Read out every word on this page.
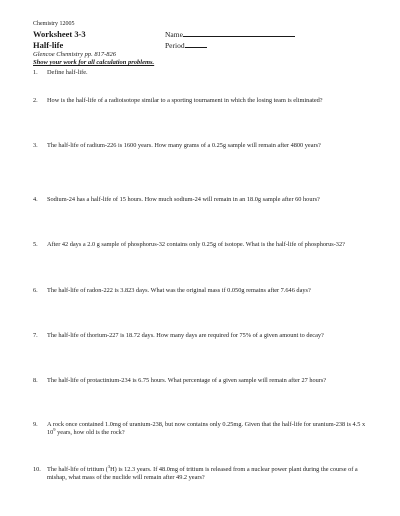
Chemistry 12005
Worksheet 3-3
Half-life
Name
Period
Glencoe Chemistry pp. 817-826
Show your work for all calculation problems.
1.	Define half-life.
2.	How is the half-life of a radioisotope similar to a sporting tournament in which the losing team is eliminated?
3.	The half-life of radium-226 is 1600 years. How many grams of a 0.25g sample will remain after 4800 years?
4.	Sodium-24 has a half-life of 15 hours. How much sodium-24 will remain in an 18.0g sample after 60 hours?
5.	After 42 days a 2.0 g sample of phosphorus-32 contains only 0.25g of isotope. What is the half-life of phosphorus-32?
6.	The half-life of radon-222 is 3.823 days. What was the original mass if 0.050g remains after 7.646 days?
7.	The half-life of thorium-227 is 18.72 days. How many days are required for 75% of a given amount to decay?
8.	The half-life of protactinium-234 is 6.75 hours. What percentage of a given sample will remain after 27 hours?
9.	A rock once contained 1.0mg of uranium-238, but now contains only 0.25mg. Given that the half-life for uranium-238 is 4.5 x $10^9$ years, how old is the rock?
10. The half-life of tritium ($^3$H) is 12.3 years. If 48.0mg of tritium is released from a nuclear power plant during the course of a mishap, what mass of the nuclide will remain after 49.2 years?
